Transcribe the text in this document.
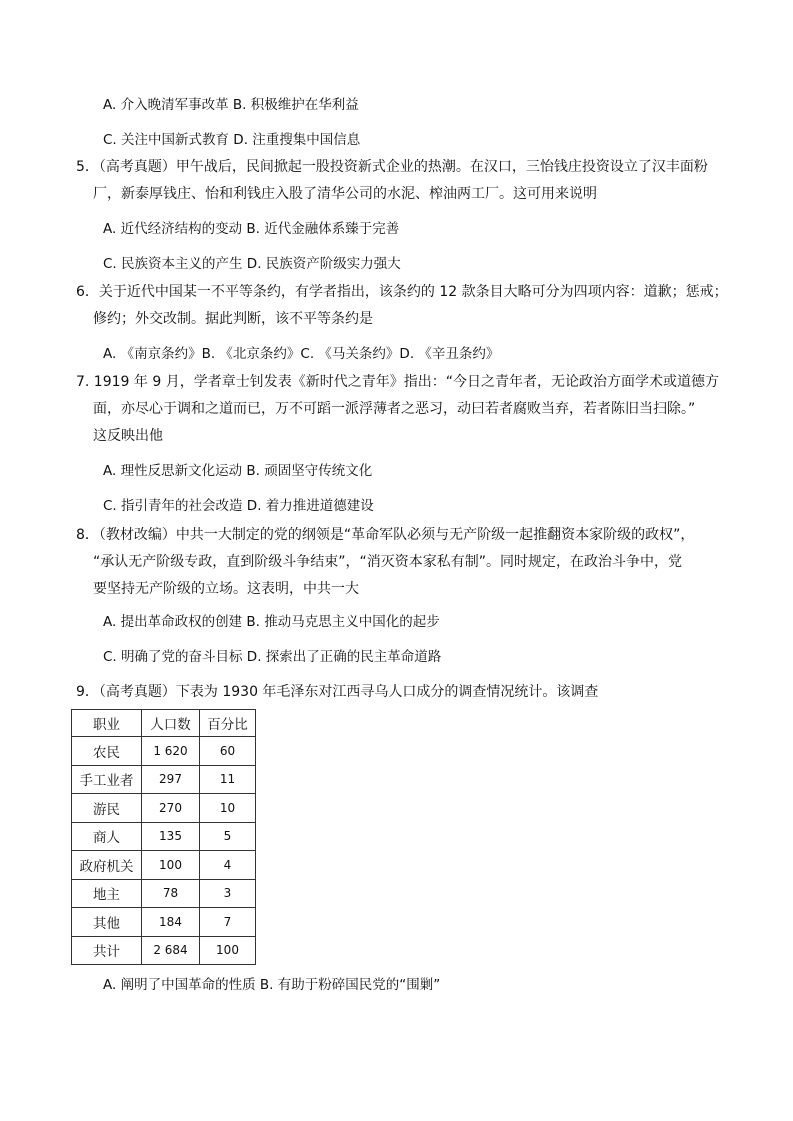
A. 介入晚清军事改革 B. 积极维护在华利益
C. 关注中国新式教育 D. 注重搜集中国信息
5．（高考真题）甲午战后，民间掀起一股投资新式企业的热潮。在汉口，三怡钱庄投资设立了汉丰面粉
厂，新泰厚钱庄、怡和利钱庄入股了清华公司的水泥、榨油两工厂。这可用来说明
A. 近代经济结构的变动 B. 近代金融体系臻于完善
C. 民族资本主义的产生 D. 民族资产阶级实力强大
6．关于近代中国某一不平等条约，有学者指出，该条约的 12 款条目大略可分为四项内容：道歉；惩戒；
修约；外交改制。据此判断，该不平等条约是
A. 《南京条约》B. 《北京条约》C. 《马关条约》D. 《辛丑条约》
7. 1919 年 9 月，学者章士钊发表《新时代之青年》指出：“今日之青年者，无论政治方面学术或道德方
面，亦尽心于调和之道而已，万不可蹈一派浮薄者之恶习，动曰若者腐败当弃，若者陈旧当扫除。”
这反映出他
A. 理性反思新文化运动 B. 顽固坚守传统文化
C. 指引青年的社会改造 D. 着力推进道德建设
8．（教材改编）中共一大制定的党的纲领是“革命军队必须与无产阶级一起推翻资本家阶级的政权”，
“承认无产阶级专政，直到阶级斗争结束”，“消灭资本家私有制”。同时规定，在政治斗争中，党
要坚持无产阶级的立场。这表明，中共一大
A. 提出革命政权的创建 B. 推动马克思主义中国化的起步
C. 明确了党的奋斗目标 D. 探索出了正确的民主革命道路
9．（高考真题）下表为 1930 年毛泽东对江西寻乌人口成分的调查情况统计。该调查
职业	人口数	百分比
农民	1 620	60
手工业者	297	11
游民	270	10
商人	135	5
政府机关	100	4
地主	78	3
其他	184	7
共计	2 684	100
A. 阐明了中国革命的性质 B. 有助于粉碎国民党的“围剿”
